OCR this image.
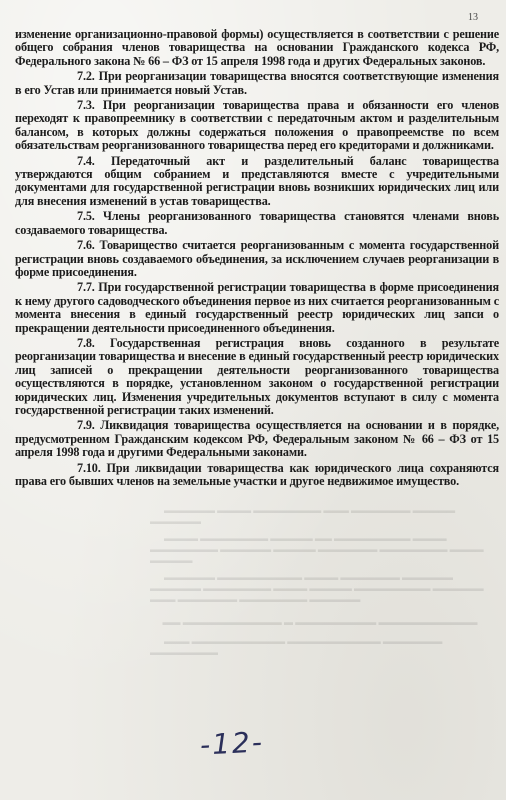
13

▬▬▬▬▬▬ ▬▬▬▬ ▬▬▬▬▬▬▬▬ ▬▬▬ ▬▬▬▬▬▬▬ ▬▬▬▬▬ ▬▬▬▬▬▬

▬▬▬▬ ▬▬▬▬▬▬▬▬ ▬▬▬▬▬ ▬▬ ▬▬▬▬▬▬▬▬▬ ▬▬▬▬ ▬▬▬▬▬▬▬▬ ▬▬▬▬▬▬ ▬▬▬▬▬ ▬▬▬▬▬▬▬ ▬▬▬▬▬▬▬▬ ▬▬▬▬ ▬▬▬▬▬

▬▬▬▬▬▬ ▬▬▬▬▬▬▬▬▬▬ ▬▬▬▬ ▬▬▬▬▬▬▬ ▬▬▬▬▬▬ ▬▬▬▬▬▬ ▬▬▬▬▬▬▬▬ ▬▬▬▬ ▬▬▬▬▬ ▬▬▬▬▬▬▬▬▬ ▬▬▬▬▬▬ ▬▬▬ ▬▬▬▬▬▬▬ ▬▬▬▬▬▬▬▬ ▬▬▬▬▬▬

▬▬ ▬▬▬▬▬▬▬▬▬▬▬ ▬ ▬▬▬▬▬▬▬▬▬ ▬▬▬▬▬▬▬▬▬▬▬

▬▬▬ ▬▬▬▬▬▬▬▬▬▬▬ ▬▬▬▬▬▬▬▬▬▬▬ ▬▬▬▬▬▬▬ ▬▬▬▬▬▬▬▬

изменение организационно-правовой формы) осуществляется в соответствии с решение общего собрания членов товарищества на основании Гражданского кодекса РФ, Федерального закона № 66 – ФЗ от 15 апреля 1998 года и других Федеральных законов.

7.2. При реорганизации товарищества вносятся соответствующие изменения в его Устав или принимается новый Устав.

7.3. При реорганизации товарищества права и обязанности его членов переходят к правопреемнику в соответствии с передаточным актом и разделительным балансом, в которых должны содержаться положения о правопреемстве по всем обязательствам реорганизованного товарищества перед его кредиторами и должниками.

7.4. Передаточный акт и разделительный баланс товарищества утверждаются общим собранием и представляются вместе с учредительными документами для государственной регистрации вновь возникших юридических лиц или для внесения изменений в устав товарищества.

7.5. Члены реорганизованного товарищества становятся членами вновь создаваемого товарищества.

7.6. Товарищество считается реорганизованным с момента государственной регистрации вновь создаваемого объединения, за исключением случаев реорганизации в форме присоединения.

7.7. При государственной регистрации товарищества в форме присоединения к нему другого садоводческого объединения первое из них считается реорганизованным с момента внесения в единый государственный реестр юридических лиц запси о прекращении деятельности присоединенного объединения.

7.8. Государственная регистрация вновь созданного в результате реорганизации товарищества и внесение в единый государственный реестр юридических лиц записей о прекращении деятельности реорганизованного товарищества осуществляются в порядке, установленном законом о государственной регистрации юридических лиц. Изменения учредительных документов вступают в силу с момента государственной регистрации таких изменений.

7.9. Ликвидация товарищества осуществляется на основании и в порядке, предусмотренном Гражданским кодексом РФ, Федеральным законом № 66 – ФЗ от 15 апреля 1998 года и другими Федеральными законами.

7.10. При ликвидации товарищества как юридического лица сохраняются права его бывших членов на земельные участки и другое недвижимое имущество.

-12-
